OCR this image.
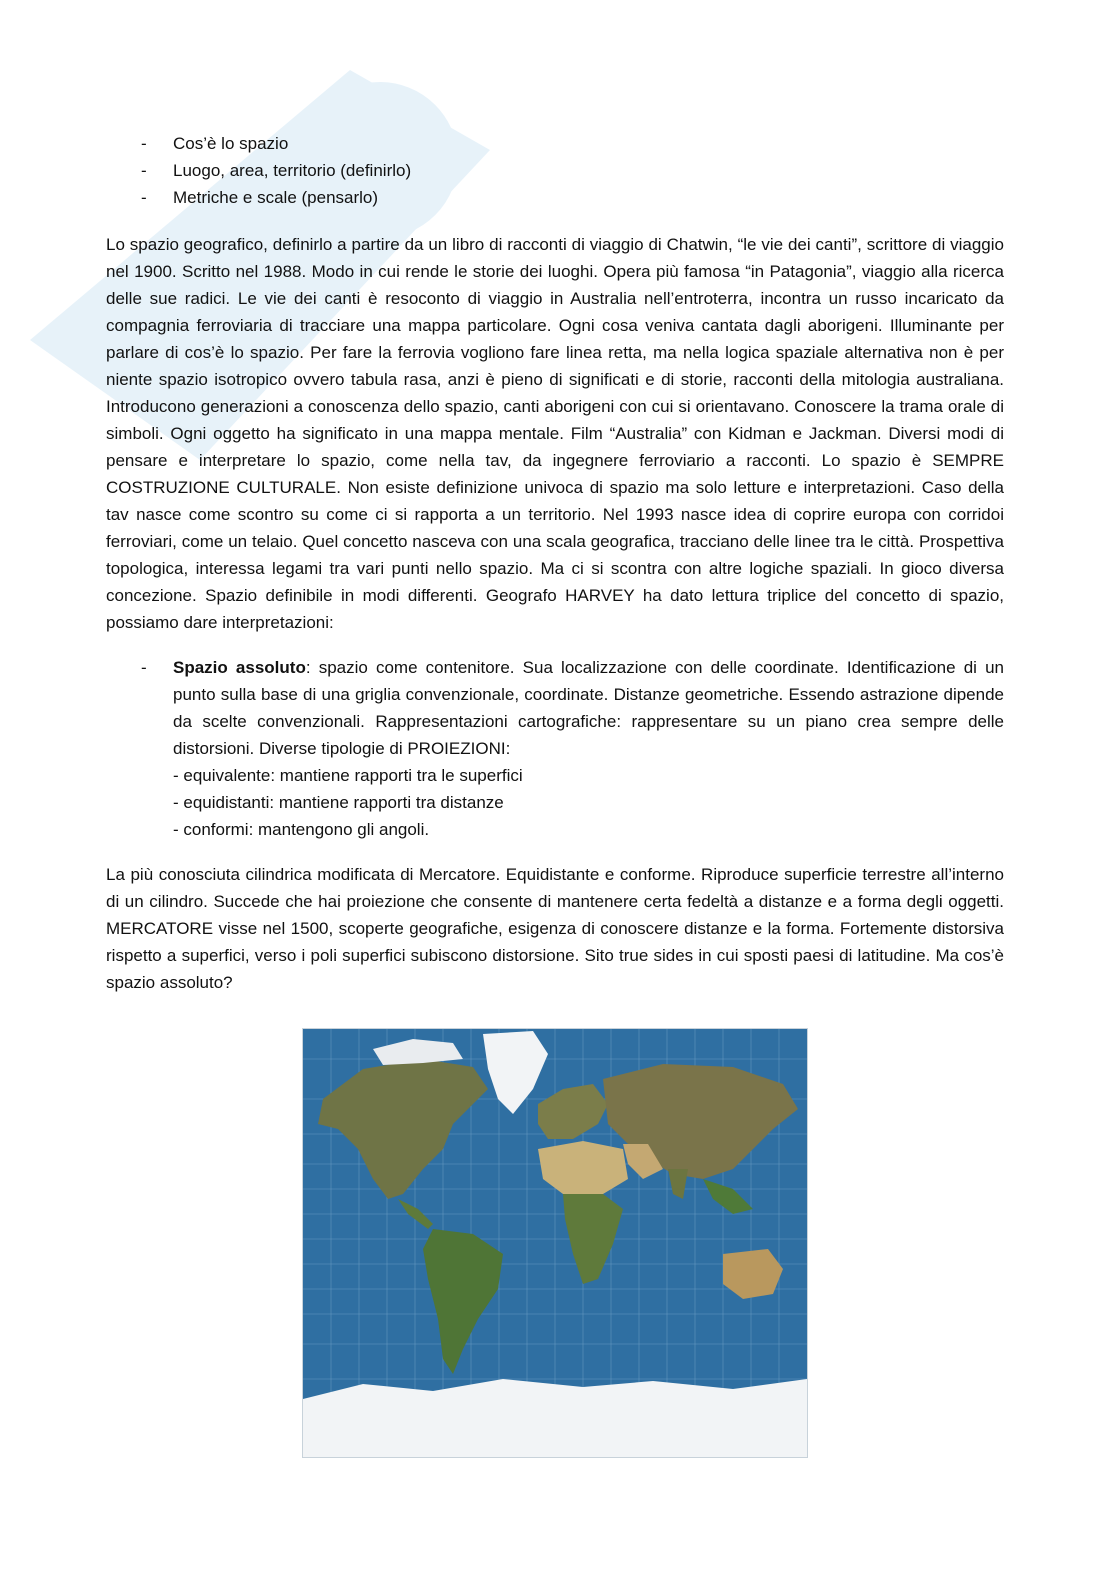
- Cos’è lo spazio
- Luogo, area, territorio (definirlo)
- Metriche e scale (pensarlo)

Lo spazio geografico, definirlo a partire da un libro di racconti di viaggio di Chatwin, “le vie dei canti”, scrittore di viaggio nel 1900. Scritto nel 1988. Modo in cui rende le storie dei luoghi. Opera più famosa “in Patagonia”, viaggio alla ricerca delle sue radici. Le vie dei canti è resoconto di viaggio in Australia nell’entroterra, incontra un russo incaricato da compagnia ferroviaria di tracciare una mappa particolare. Ogni cosa veniva cantata dagli aborigeni. Illuminante per parlare di cos’è lo spazio. Per fare la ferrovia vogliono fare linea retta, ma nella logica spaziale alternativa non è per niente spazio isotropico ovvero tabula rasa, anzi è pieno di significati e di storie, racconti della mitologia australiana. Introducono generazioni a conoscenza dello spazio, canti aborigeni con cui si orientavano. Conoscere la trama orale di simboli. Ogni oggetto ha significato in una mappa mentale. Film “Australia” con Kidman e Jackman. Diversi modi di pensare e interpretare lo spazio, come nella tav, da ingegnere ferroviario a racconti. Lo spazio è SEMPRE COSTRUZIONE CULTURALE. Non esiste definizione univoca di spazio ma solo letture e interpretazioni. Caso della tav nasce come scontro su come ci si rapporta a un territorio. Nel 1993 nasce idea di coprire europa con corridoi ferroviari, come un telaio. Quel concetto nasceva con una scala geografica, tracciano delle linee tra le città. Prospettiva topologica, interessa legami tra vari punti nello spazio. Ma ci si scontra con altre logiche spaziali. In gioco diversa concezione. Spazio definibile in modi differenti. Geografo HARVEY ha dato lettura triplice del concetto di spazio, possiamo dare interpretazioni:

- Spazio assoluto: spazio come contenitore. Sua localizzazione con delle coordinate. Identificazione di un punto sulla base di una griglia convenzionale, coordinate. Distanze geometriche. Essendo astrazione dipende da scelte convenzionali. Rappresentazioni cartografiche: rappresentare su un piano crea sempre delle distorsioni. Diverse tipologie di PROIEZIONI:
- equivalente: mantiene rapporti tra le superfici
- equidistanti: mantiene rapporti tra distanze
- conformi: mantengono gli angoli.

La più conosciuta cilindrica modificata di Mercatore. Equidistante e conforme. Riproduce superficie terrestre all’interno di un cilindro. Succede che hai proiezione che consente di mantenere certa fedeltà a distanze e a forma degli oggetti. MERCATORE visse nel 1500, scoperte geografiche, esigenza di conoscere distanze e la forma. Fortemente distorsiva rispetto a superfici, verso i poli superfici subiscono distorsione. Sito true sides in cui sposti paesi di latitudine. Ma cos’è spazio assoluto?
